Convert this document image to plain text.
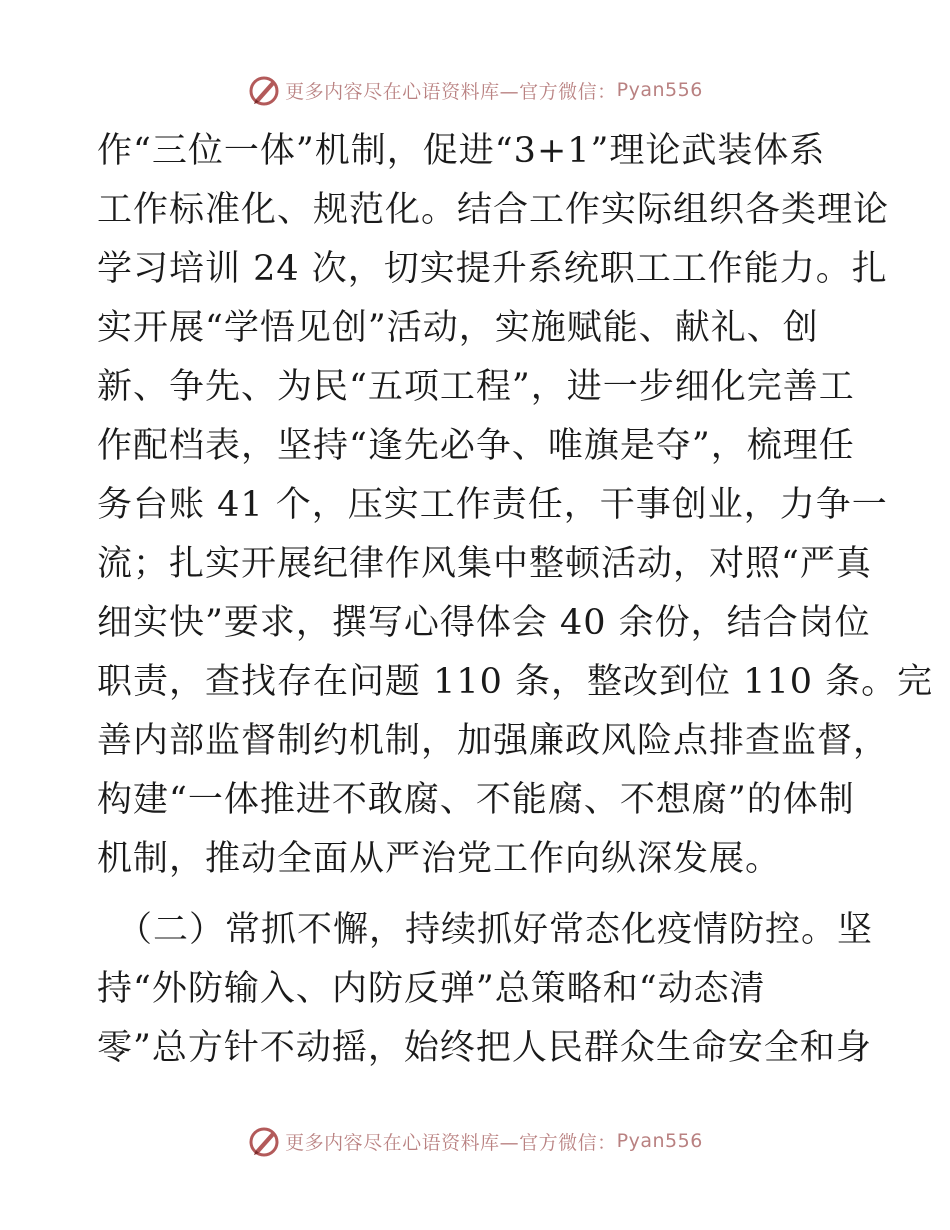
更多内容尽在心语资料库—官方微信： Pyan556
作“三位一体”机制，促进“3+1”理论武装体系
工作标准化、规范化。结合工作实际组织各类理论
学习培训 24 次，切实提升系统职工工作能力。扎
实开展“学悟见创”活动，实施赋能、献礼、创
新、争先、为民“五项工程”，进一步细化完善工
作配档表，坚持“逢先必争、唯旗是夺”，梳理任
务台账 41 个，压实工作责任，干事创业，力争一
流；扎实开展纪律作风集中整顿活动，对照“严真
细实快”要求，撰写心得体会 40 余份，结合岗位
职责，查找存在问题 110 条，整改到位 110 条。完
善内部监督制约机制，加强廉政风险点排查监督，
构建“一体推进不敢腐、不能腐、不想腐”的体制
机制，推动全面从严治党工作向纵深发展。
（二）常抓不懈，持续抓好常态化疫情防控。坚
持“外防输入、内防反弹”总策略和“动态清
零”总方针不动摇，始终把人民群众生命安全和身
更多内容尽在心语资料库—官方微信： Pyan556
